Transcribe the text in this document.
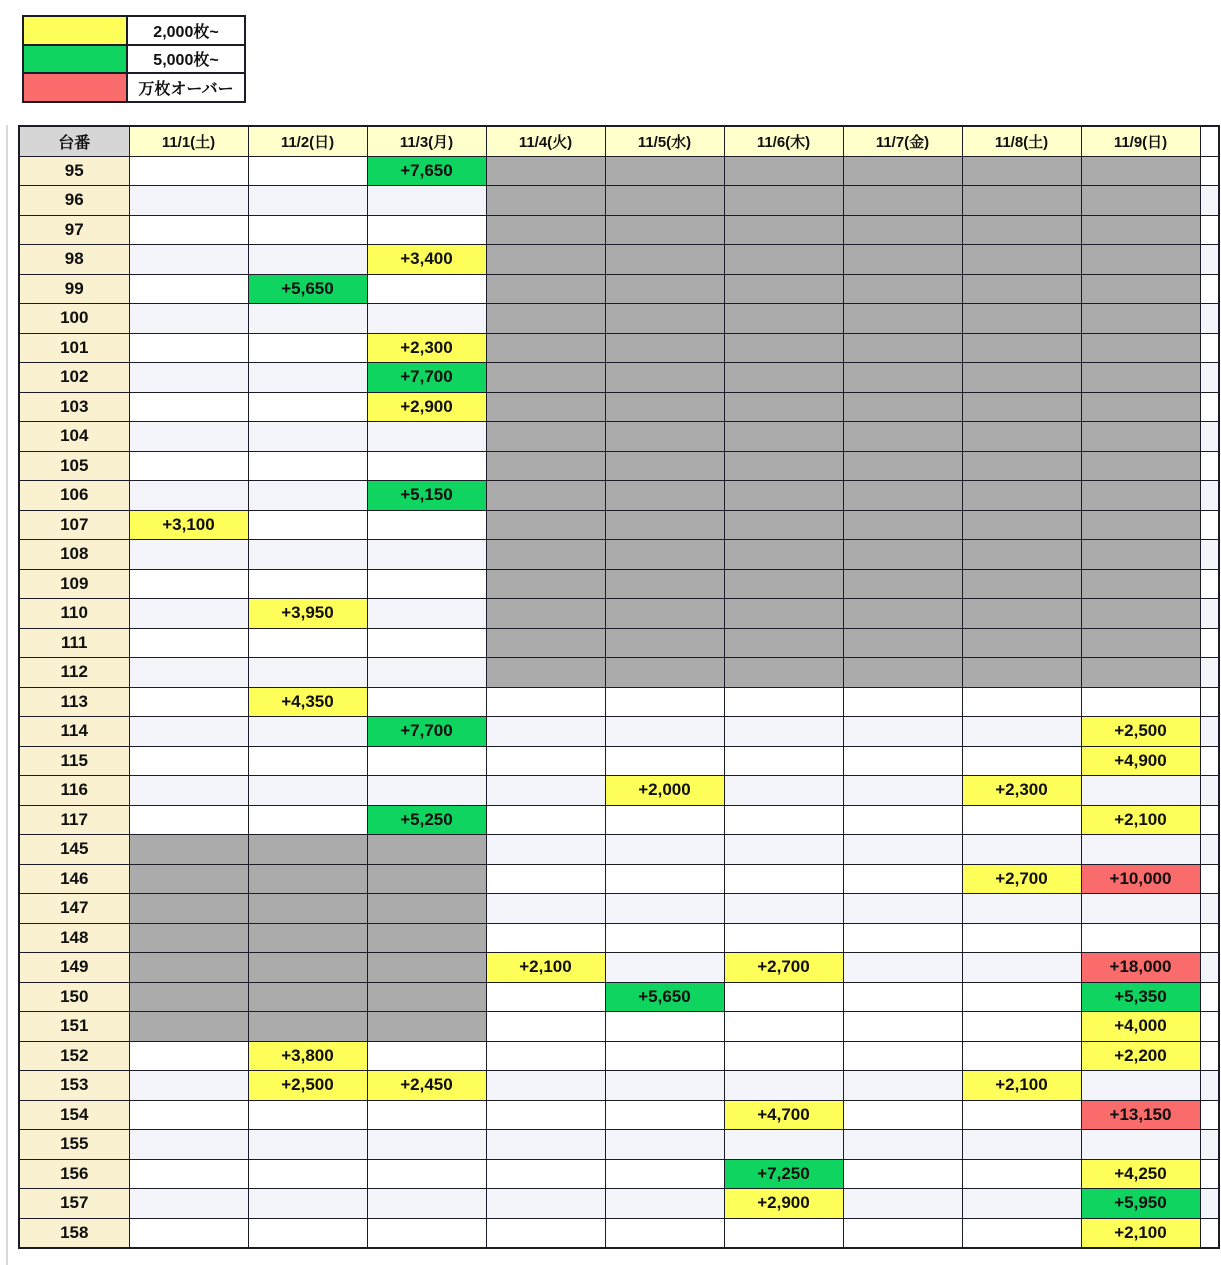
	2,000枚~
	5,000枚~
	万枚オーバー
台番	11/1(土)	11/2(日)	11/3(月)	11/4(火)	11/5(水)	11/6(木)	11/7(金)	11/8(土)	11/9(日)	
95			+7,650							
96										
97										
98			+3,400							
99		+5,650								
100										
101			+2,300							
102			+7,700							
103			+2,900							
104										
105										
106			+5,150							
107	+3,100									
108										
109										
110		+3,950								
111										
112										
113		+4,350								
114			+7,700						+2,500	
115									+4,900	
116					+2,000			+2,300		
117			+5,250						+2,100	
145										
146								+2,700	+10,000	
147										
148										
149				+2,100		+2,700			+18,000	
150					+5,650				+5,350	
151									+4,000	
152		+3,800							+2,200	
153		+2,500	+2,450					+2,100		
154						+4,700			+13,150	
155										
156						+7,250			+4,250	
157						+2,900			+5,950	
158									+2,100	
